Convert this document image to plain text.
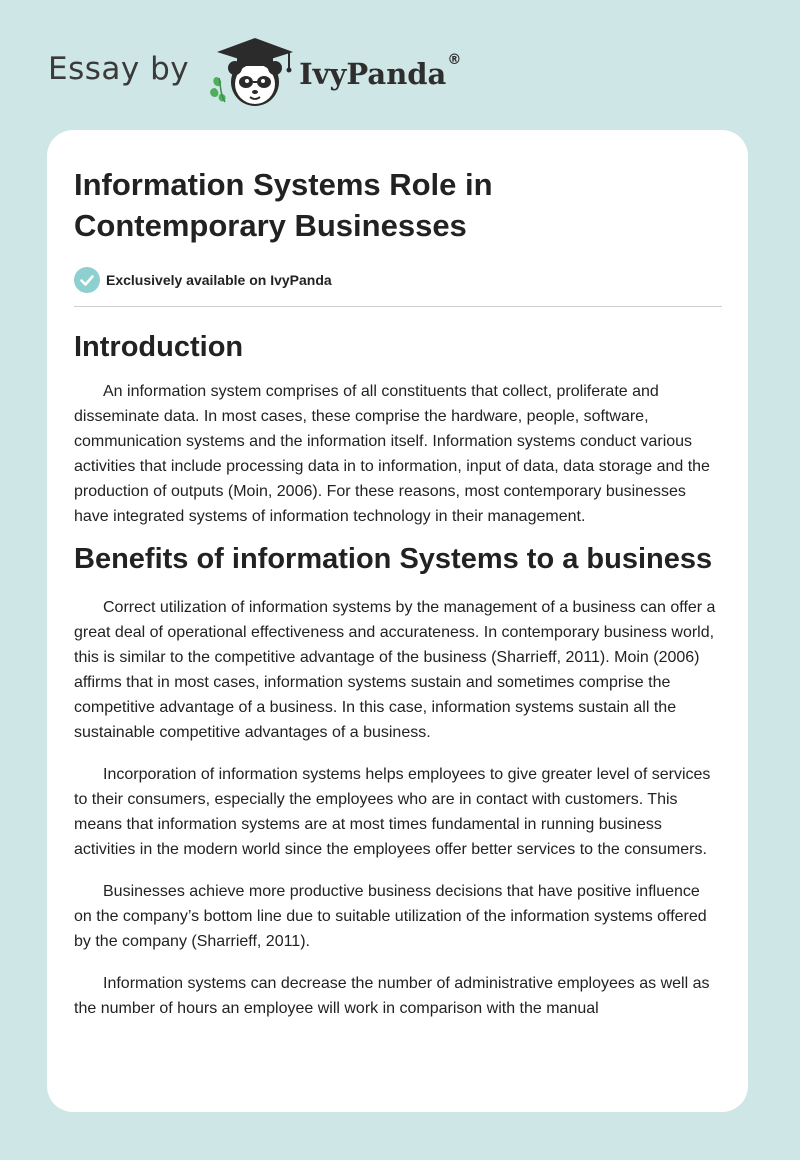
Essay by	IvyPanda ®
Information Systems Role in Contemporary Businesses
Exclusively available on IvyPanda
Introduction

An information system comprises of all constituents that collect, proliferate and disseminate data. In most cases, these comprise the hardware, people, software, communication systems and the information itself. Information systems conduct various activities that include processing data in to information, input of data, data storage and the production of outputs (Moin, 2006). For these reasons, most contemporary businesses have integrated systems of information technology in their management.

Benefits of information Systems to a business

Correct utilization of information systems by the management of a business can offer a great deal of operational effectiveness and accurateness. In contemporary business world, this is similar to the competitive advantage of the business (Sharrieff, 2011). Moin (2006) affirms that in most cases, information systems sustain and sometimes comprise the competitive advantage of a business. In this case, information systems sustain all the sustainable competitive advantages of a business.

Incorporation of information systems helps employees to give greater level of services to their consumers, especially the employees who are in contact with customers. This means that information systems are at most times fundamental in running business activities in the modern world since the employees offer better services to the consumers.

Businesses achieve more productive business decisions that have positive influence on the company’s bottom line due to suitable utilization of the information systems offered by the company (Sharrieff, 2011).

Information systems can decrease the number of administrative employees as well as the number of hours an employee will work in comparison with the manual
